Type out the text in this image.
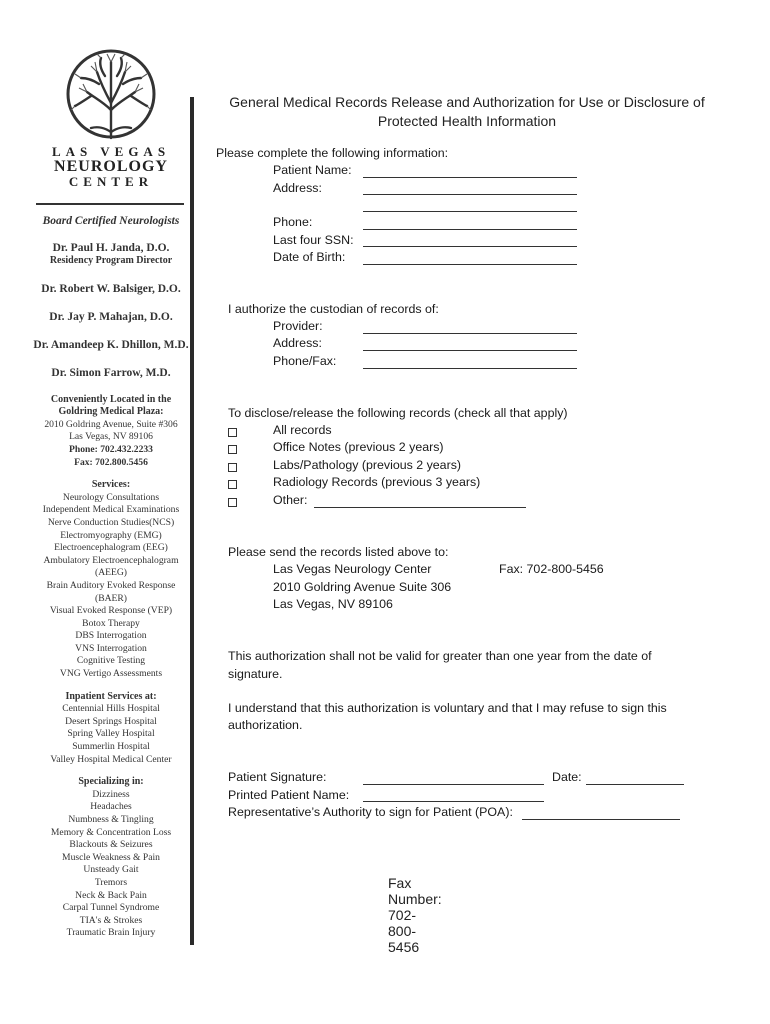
LAS VEGAS
NEUROLOGY
CENTER
Board Certified Neurologists
Dr. Paul H. Janda, D.O.
Residency Program Director
Dr. Robert W. Balsiger, D.O.
Dr. Jay P. Mahajan, D.O.
Dr. Amandeep K. Dhillon, M.D.
Dr. Simon Farrow, M.D.
Conveniently Located in the
Goldring Medical Plaza:
2010 Goldring Avenue, Suite #306
Las Vegas, NV 89106
Phone: 702.432.2233
Fax: 702.800.5456
Services:
Neurology Consultations
Independent Medical Examinations
Nerve Conduction Studies(NCS)
Electromyography (EMG)
Electroencephalogram (EEG)
Ambulatory Electroencephalogram
(AEEG)
Brain Auditory Evoked Response
(BAER)
Visual Evoked Response (VEP)
Botox Therapy
DBS Interrogation
VNS Interrogation
Cognitive Testing
VNG Vertigo Assessments
Inpatient Services at:
Centennial Hills Hospital
Desert Springs Hospital
Spring Valley Hospital
Summerlin Hospital
Valley Hospital Medical Center
Specializing in:
Dizziness
Headaches
Numbness & Tingling
Memory & Concentration Loss
Blackouts & Seizures
Muscle Weakness & Pain
Unsteady Gait
Tremors
Neck & Back Pain
Carpal Tunnel Syndrome
TIA's & Strokes
Traumatic Brain Injury
General Medical Records Release and Authorization for Use or Disclosure of
Protected Health Information
Please complete the following information:
Patient Name:
Address:
Phone:
Last four SSN:
Date of Birth:
I authorize the custodian of records of:
Provider:
Address:
Phone/Fax:
To disclose/release the following records (check all that apply)
All records
Office Notes (previous 2 years)
Labs/Pathology (previous 2 years)
Radiology Records (previous 3 years)
Other:
Please send the records listed above to:
Las Vegas Neurology Center	Fax: 702-800-5456
2010 Goldring Avenue Suite 306
Las Vegas, NV 89106
This authorization shall not be valid for greater than one year from the date of
signature.
I understand that this authorization is voluntary and that I may refuse to sign this
authorization.
Patient Signature:	Date:
Printed Patient Name:
Representative’s Authority to sign for Patient (POA):
Fax Number: 702-800-5456
